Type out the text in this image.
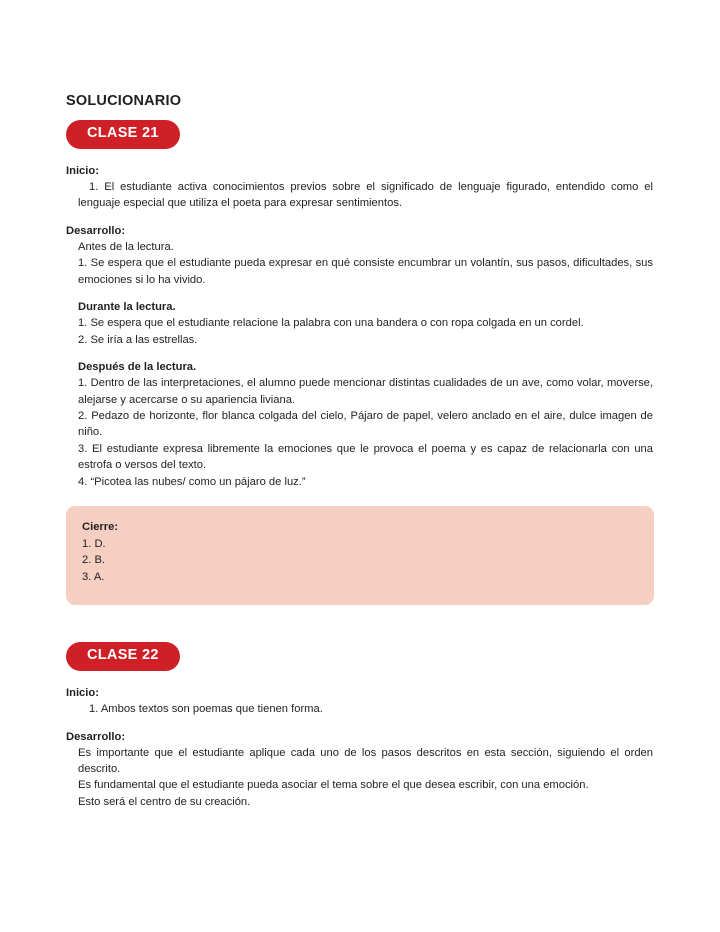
SOLUCIONARIO
CLASE 21
Inicio:

1. El estudiante activa conocimientos previos sobre el significado de lenguaje figurado, entendido como el lenguaje especial que utiliza el poeta para expresar sentimientos.

Desarrollo:

Antes de la lectura.

1. Se espera que el estudiante pueda expresar en qué consiste encumbrar un volantín, sus pasos, dificultades, sus emociones si lo ha vivido.

Durante la lectura.

1. Se espera que el estudiante relacione la palabra con una bandera o con ropa colgada en un cordel.

2. Se iría a las estrellas.

Después de la lectura.

1. Dentro de las interpretaciones, el alumno puede mencionar distintas cualidades de un ave, como volar, moverse, alejarse y acercarse o su apariencia liviana.

2. Pedazo de horizonte, flor blanca colgada del cielo, Pájaro de papel, velero anclado en el aire, dulce imagen de niño.

3. El estudiante expresa libremente la emociones que le provoca el poema y es capaz de relacionarla con una estrofa o versos del texto.

4. “Picotea las nubes/ como un pájaro de luz.”

Cierre:

1. D.

2. B.

3. A.

CLASE 22
Inicio:

1. Ambos textos son poemas que tienen forma.

Desarrollo:

Es importante que el estudiante aplique cada uno de los pasos descritos en esta sección, siguiendo el orden descrito.

Es fundamental que el estudiante pueda asociar el tema sobre el que desea escribir, con una emoción.

Esto será el centro de su creación.
